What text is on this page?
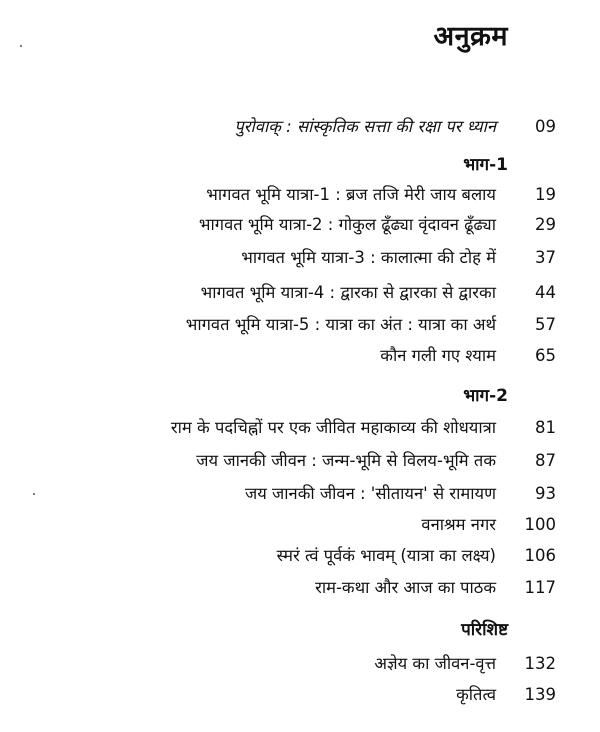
अनुक्रम
पुरोवाक् : सांस्कृतिक सत्ता की रक्षा पर ध्यान	09
भाग-1
भागवत भूमि यात्रा-1 : ब्रज तजि मेरी जाय बलाय	19
भागवत भूमि यात्रा-2 : गोकुल ढूँढ्या वृंदावन ढूँढ्या	29
भागवत भूमि यात्रा-3 : कालात्मा की टोह में	37
भागवत भूमि यात्रा-4 : द्वारका से द्वारका से द्वारका	44
भागवत भूमि यात्रा-5 : यात्रा का अंत : यात्रा का अर्थ	57
कौन गली गए श्याम	65
भाग-2
राम के पदचिह्नों पर एक जीवित महाकाव्य की शोधयात्रा	81
जय जानकी जीवन : जन्म-भूमि से विलय-भूमि तक	87
जय जानकी जीवन : 'सीतायन' से रामायण	93
वनाश्रम नगर	100
स्मरं त्वं पूर्वकं भावम् (यात्रा का लक्ष्य)	106
राम-कथा और आज का पाठक	117
परिशिष्ट
अज्ञेय का जीवन-वृत्त	132
कृतित्व	139
